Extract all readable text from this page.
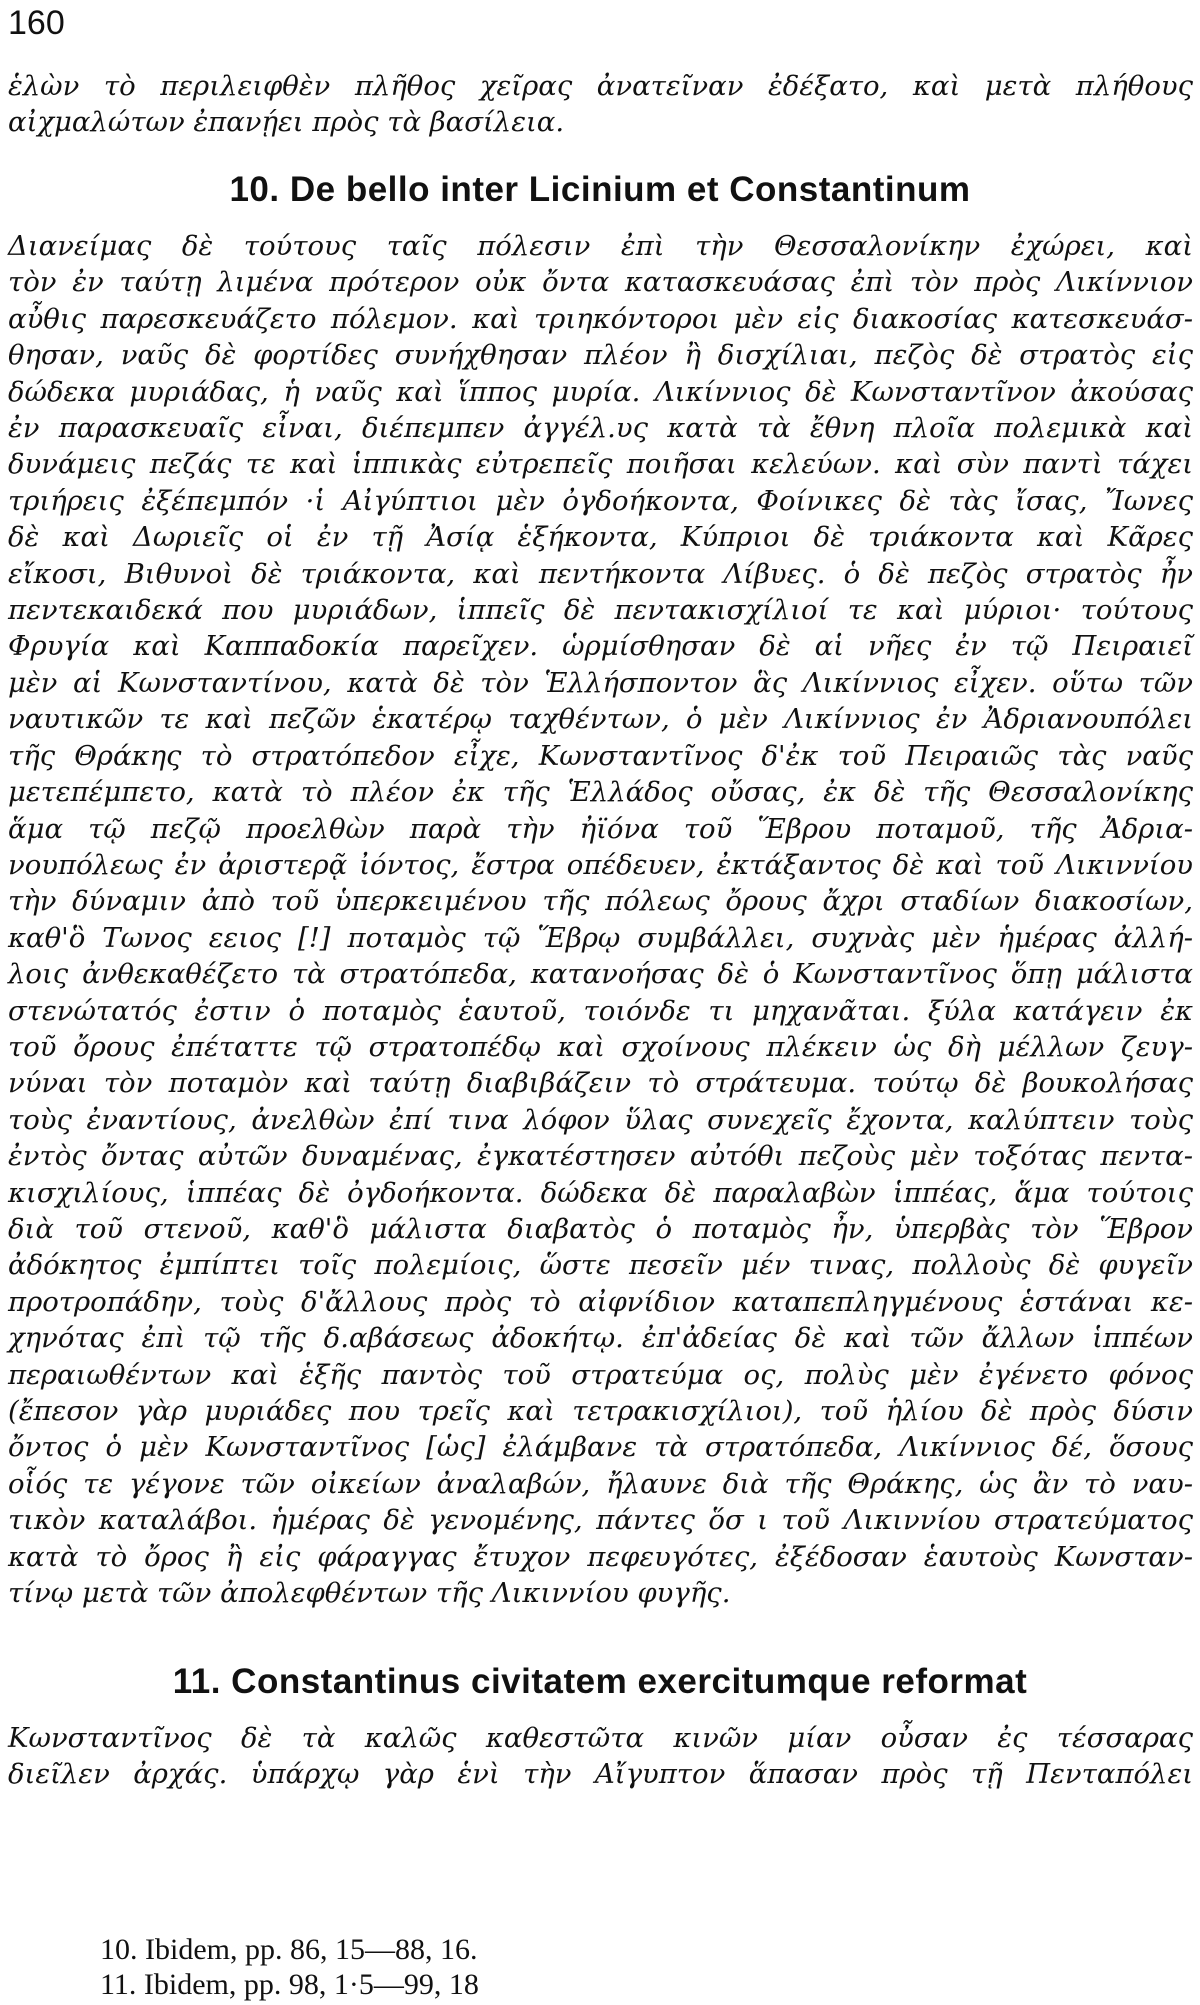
160
ἑλὼν τὸ περιλειφθὲν πλῆθος χεῖρας ἀνατεῖναν ἐδέξατο, καὶ μετὰ πλήθους
αἰχμαλώτων ἐπανῄει πρὸς τὰ βασίλεια.
10. De bello inter Licinium et Constantinum
Διανείμας δὲ τούτους ταῖς πόλεσιν ἐπὶ τὴν Θεσσαλονίκην ἐχώρει, καὶ
τὸν ἐν ταύτῃ λιμένα πρότερον οὐκ ὄντα κατασκευάσας ἐπὶ τὸν πρὸς Λικίννιον
αὖθις παρεσκευάζετο πόλεμον. καὶ τριηκόντοροι μὲν εἰς διακοσίας κατεσκευάσ-
θησαν, ναῦς δὲ φορτίδες συνήχθησαν πλέον ἢ δισχίλιαι, πεζὸς δὲ στρατὸς εἰς
δώδεκα μυριάδας, ἡ ναῦς καὶ ἵππος μυρία. Λικίννιος δὲ Κωνσταντῖνον ἀκούσας
ἐν παρασκευαῖς εἶναι, διέπεμπεν ἀγγέλ.υς κατὰ τὰ ἔθνη πλοῖα πολεμικὰ καὶ
δυνάμεις πεζάς τε καὶ ἱππικὰς εὐτρεπεῖς ποιῆσαι κελεύων. καὶ σὺν παντὶ τάχει
τριήρεις ἐξέπεμπόν ·ἱ Αἰγύπτιοι μὲν ὀγδοήκοντα, Φοίνικες δὲ τὰς ἴσας, Ἴωνες
δὲ καὶ Δωριεῖς οἱ ἐν τῇ Ἀσίᾳ ἑξήκοντα, Κύπριοι δὲ τριάκοντα καὶ Κᾶρες
εἴκοσι, Βιθυνοὶ δὲ τριάκοντα, καὶ πεντήκοντα Λίβυες. ὁ δὲ πεζὸς στρατὸς ἦν
πεντεκαιδεκά που μυριάδων, ἱππεῖς δὲ πεντακισχίλιοί τε καὶ μύριοι· τούτους
Φρυγία καὶ Καππαδοκία παρεῖχεν. ὡρμίσθησαν δὲ αἱ νῆες ἐν τῷ Πειραιεῖ
μὲν αἱ Κωνσταντίνου, κατὰ δὲ τὸν Ἑλλήσποντον ἃς Λικίννιος εἶχεν. οὕτω τῶν
ναυτικῶν τε καὶ πεζῶν ἑκατέρῳ ταχθέντων, ὁ μὲν Λικίννιος ἐν Ἀδριανουπόλει
τῆς Θράκης τὸ στρατόπεδον εἶχε, Κωνσταντῖνος δ'ἐκ τοῦ Πειραιῶς τὰς ναῦς
μετεπέμπετο, κατὰ τὸ πλέον ἐκ τῆς Ἑλλάδος οὔσας, ἐκ δὲ τῆς Θεσσαλονίκης
ἅμα τῷ πεζῷ προελθὼν παρὰ τὴν ἠϊόνα τοῦ Ἕβρου ποταμοῦ, τῆς Ἀδρια-
νουπόλεως ἐν ἀριστερᾷ ἰόντος, ἔστρα οπέδευεν, ἐκτάξαντος δὲ καὶ τοῦ Λικιννίου
τὴν δύναμιν ἀπὸ τοῦ ὑπερκειμένου τῆς πόλεως ὄρους ἄχρι σταδίων διακοσίων,
καθ'ὃ Τωνος εειος [!] ποταμὸς τῷ Ἕβρῳ συμβάλλει, συχνὰς μὲν ἡμέρας ἀλλή-
λοις ἀνθεκαθέζετο τὰ στρατόπεδα, κατανοήσας δὲ ὁ Κωνσταντῖνος ὅπῃ μάλιστα
στενώτατός ἐστιν ὁ ποταμὸς ἑαυτοῦ, τοιόνδε τι μηχανᾶται. ξύλα κατάγειν ἐκ
τοῦ ὄρους ἐπέταττε τῷ στρατοπέδῳ καὶ σχοίνους πλέκειν ὡς δὴ μέλλων ζευγ-
νύναι τὸν ποταμὸν καὶ ταύτῃ διαβιβάζειν τὸ στράτευμα. τούτῳ δὲ βουκολήσας
τοὺς ἐναντίους, ἀνελθὼν ἐπί τινα λόφον ὕλας συνεχεῖς ἔχοντα, καλύπτειν τοὺς
ἐντὸς ὄντας αὐτῶν δυναμένας, ἐγκατέστησεν αὐτόθι πεζοὺς μὲν τοξότας πεντα-
κισχιλίους, ἱππέας δὲ ὀγδοήκοντα. δώδεκα δὲ παραλαβὼν ἱππέας, ἅμα τούτοις
διὰ τοῦ στενοῦ, καθ'ὃ μάλιστα διαβατὸς ὁ ποταμὸς ἦν, ὑπερβὰς τὸν Ἕβρον
ἀδόκητος ἐμπίπτει τοῖς πολεμίοις, ὥστε πεσεῖν μέν τινας, πολλοὺς δὲ φυγεῖν
προτροπάδην, τοὺς δ'ἄλλους πρὸς τὸ αἰφνίδιον καταπεπληγμένους ἑστάναι κε-
χηνότας ἐπὶ τῷ τῆς δ.αβάσεως ἀδοκήτῳ. ἐπ'ἀδείας δὲ καὶ τῶν ἄλλων ἱππέων
περαιωθέντων καὶ ἑξῆς παντὸς τοῦ στρατεύμα ος, πολὺς μὲν ἐγένετο φόνος
(ἔπεσον γὰρ μυριάδες που τρεῖς καὶ τετρακισχίλιοι), τοῦ ἡλίου δὲ πρὸς δύσιν
ὄντος ὁ μὲν Κωνσταντῖνος [ὡς] ἐλάμβανε τὰ στρατόπεδα, Λικίννιος δέ, ὅσους
οἷός τε γέγονε τῶν οἰκείων ἀναλαβών, ἤλαυνε διὰ τῆς Θράκης, ὡς ἂν τὸ ναυ-
τικὸν καταλάβοι. ἡμέρας δὲ γενομένης, πάντες ὅσ ι τοῦ Λικιννίου στρατεύματος
κατὰ τὸ ὄρος ἢ εἰς φάραγγας ἔτυχον πεφευγότες, ἐξέδοσαν ἑαυτοὺς Κωνσταν-
τίνῳ μετὰ τῶν ἀπολεφθέντων τῆς Λικιννίου φυγῆς.
11. Constantinus civitatem exercitumque reformat
Κωνσταντῖνος δὲ τὰ καλῶς καθεστῶτα κινῶν μίαν οὖσαν ἐς τέσσαρας
διεῖλεν ἀρχάς. ὑπάρχῳ γὰρ ἑνὶ τὴν Αἴγυπτον ἅπασαν πρὸς τῇ Πενταπόλει
10. Ibidem, pp. 86, 15—88, 16.
11. Ibidem, pp. 98, 1·5—99, 18
